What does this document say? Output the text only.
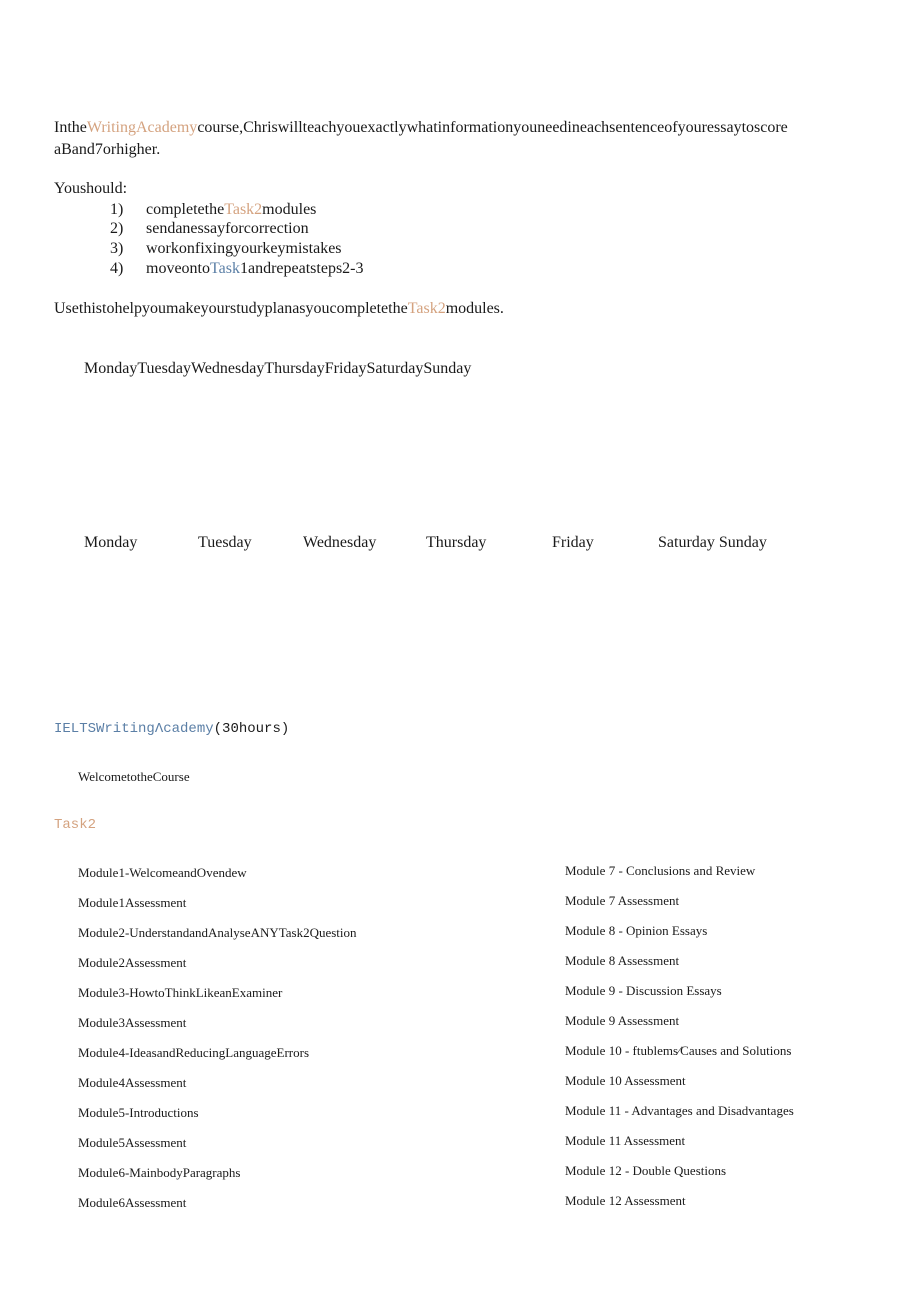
IntheWritingAcademycourse,Chriswillteachyouexactlywhatinformationyouneedineachsentenceofyouressaytoscore
aBand7orhigher.
Youshould:
1) completetheTask2modules
2) sendanessayforcorrection
3) workonfixingyourkeymistakes
4) moveontoTask1andrepeatsteps2-3
UsethistohelpyoumakeyourstudyplanasyoucompletetheTask2modules.
MondayTuesdayWednesdayThursdayFridaySaturdaySunday
Monday	Tuesday	Wednesday	Thursday	Friday	Saturday Sunday
IELTSWritingΛcademy(30hours)
WelcometotheCourse
Task2
Module1-WelcomeandOvendew
Module1Assessment
Module2-UnderstandandAnalyseANYTask2Question
Module2Assessment
Module3-HowtoThinkLikeanExaminer
Module3Assessment
Module4-IdeasandReducingLanguageErrors
Module4Assessment
Module5-Introductions
Module5Assessment
Module6-MainbodyParagraphs
Module6Assessment
Module 7 - Conclusions and Review
Module 7 Assessment
Module 8 - Opinion Essays
Module 8 Assessment
Module 9 - Discussion Essays
Module 9 Assessment
Module 10 - ftublems⁄Causes and Solutions
Module 10 Assessment
Module 11 - Advantages and Disadvantages
Module 11 Assessment
Module 12 - Double Questions
Module 12 Assessment
